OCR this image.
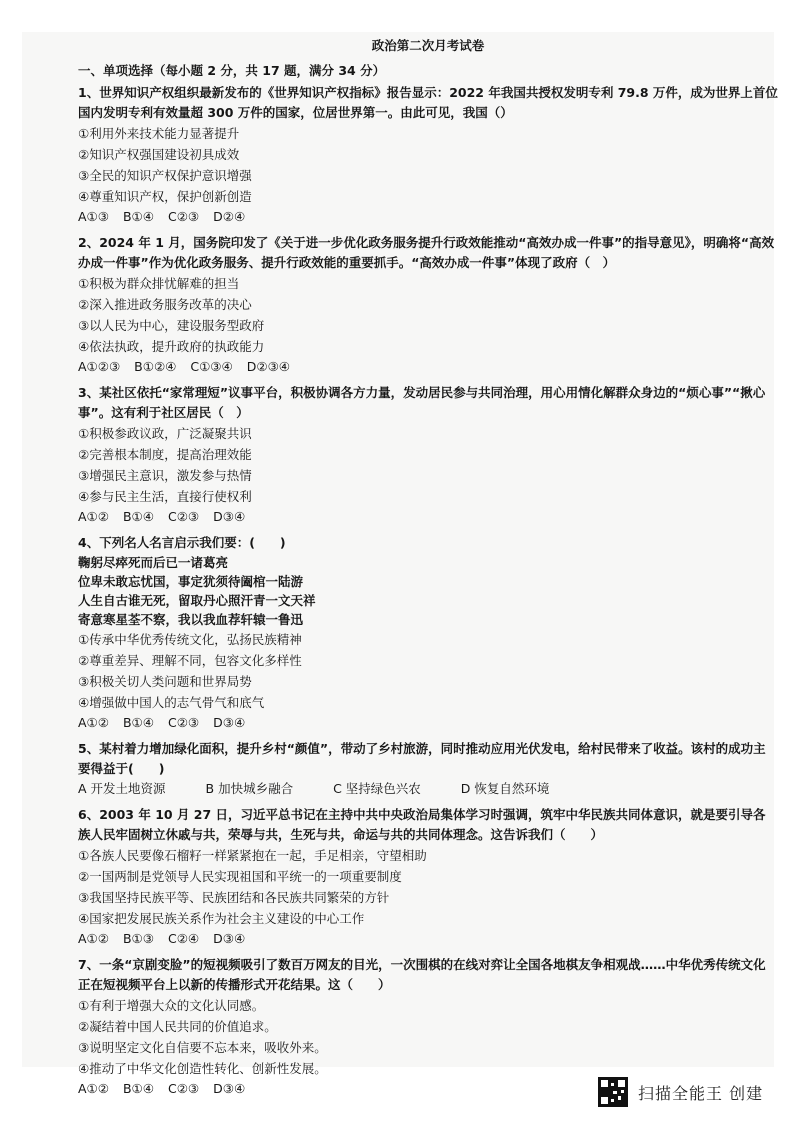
政治第二次月考试卷

一、单项选择（每小题 2 分，共 17 题，满分 34 分）

1、世界知识产权组织最新发布的《世界知识产权指标》报告显示：2022 年我国共授权发明专利 79.8 万件，成为世界上首位国内发明专利有效量超 300 万件的国家，位居世界第一。由此可见，我国（）

①利用外来技术能力显著提升

②知识产权强国建设初具成效

③全民的知识产权保护意识增强

④尊重知识产权，保护创新创造

A①③ B①④ C②③ D②④

2、2024 年 1 月，国务院印发了《关于进一步优化政务服务提升行政效能推动“高效办成一件事”的指导意见》，明确将“高效办成一件事”作为优化政务服务、提升行政效能的重要抓手。“高效办成一件事”体现了政府（　）

①积极为群众排忧解难的担当

②深入推进政务服务改革的决心

③以人民为中心，建设服务型政府

④依法执政，提升政府的执政能力

A①②③ B①②④ C①③④ D②③④

3、某社区依托“家常理短”议事平台，积极协调各方力量，发动居民参与共同治理，用心用情化解群众身边的“烦心事”“揪心事”。这有利于社区居民（　）

①积极参政议政，广泛凝聚共识

②完善根本制度，提高治理效能

③增强民主意识，激发参与热情

④参与民主生活，直接行使权利

A①② B①④ C②③ D③④

4、下列名人名言启示我们要：(　　)

鞠躬尽瘁死而后已一诸葛亮

位卑未敢忘忧国，事定犹须待阖棺一陆游

人生自古谁无死，留取丹心照汗青一文天祥

寄意寒星荃不察，我以我血荐轩辕一鲁迅

①传承中华优秀传统文化，弘扬民族精神

②尊重差异、理解不同，包容文化多样性

③积极关切人类问题和世界局势

④增强做中国人的志气骨气和底气

A①② B①④ C②③ D③④

5、某村着力增加绿化面积，提升乡村“颜值”，带动了乡村旅游，同时推动应用光伏发电，给村民带来了收益。该村的成功主要得益于(　　)

A 开发土地资源	B 加快城乡融合	C 坚持绿色兴农	D 恢复自然环境

6、2003 年 10 月 27 日，习近平总书记在主持中共中央政治局集体学习时强调，筑牢中华民族共同体意识，就是要引导各族人民牢固树立休戚与共，荣辱与共，生死与共，命运与共的共同体理念。这告诉我们（　　）

①各族人民要像石榴籽一样紧紧抱在一起，手足相亲，守望相助

②一国两制是党领导人民实现祖国和平统一的一项重要制度

③我国坚持民族平等、民族团结和各民族共同繁荣的方针

④国家把发展民族关系作为社会主义建设的中心工作

A①② B①③ C②④ D③④

7、一条“京剧变脸”的短视频吸引了数百万网友的目光，一次围棋的在线对弈让全国各地棋友争相观战……中华优秀传统文化正在短视频平台上以新的传播形式开花结果。这（　　）

①有利于增强大众的文化认同感。

②凝结着中国人民共同的价值追求。

③说明坚定文化自信要不忘本来，吸收外来。

④推动了中华文化创造性转化、创新性发展。

A①② B①④ C②③ D③④	扫描全能王 创建
